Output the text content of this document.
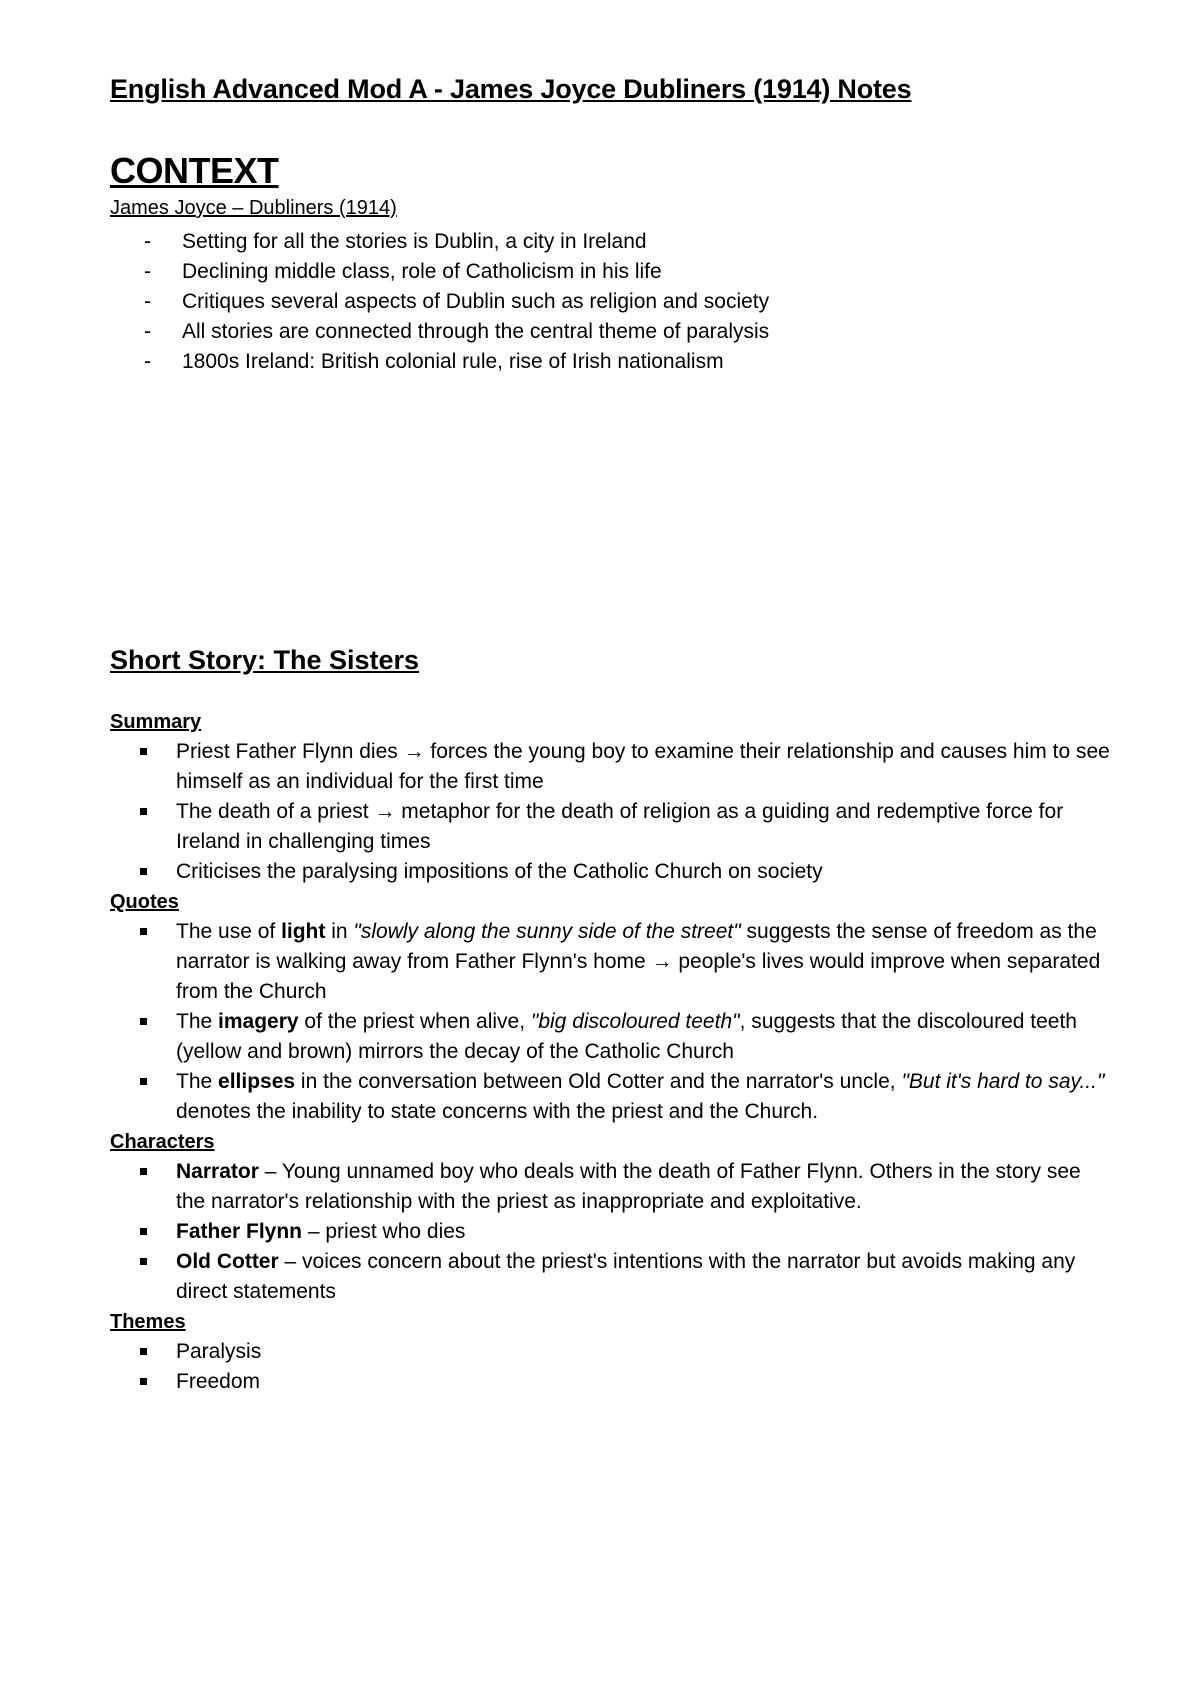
English Advanced Mod A - James Joyce Dubliners (1914) Notes
CONTEXT
James Joyce – Dubliners (1914)
- Setting for all the stories is Dublin, a city in Ireland
- Declining middle class, role of Catholicism in his life
- Critiques several aspects of Dublin such as religion and society
- All stories are connected through the central theme of paralysis
- 1800s Ireland: British colonial rule, rise of Irish nationalism
Short Story: The Sisters
Summary
Priest Father Flynn dies → forces the young boy to examine their relationship and causes him to see himself as an individual for the first time
The death of a priest → metaphor for the death of religion as a guiding and redemptive force for Ireland in challenging times
Criticises the paralysing impositions of the Catholic Church on society
Quotes
The use of light in "slowly along the sunny side of the street" suggests the sense of freedom as the narrator is walking away from Father Flynn's home → people's lives would improve when separated from the Church
The imagery of the priest when alive, "big discoloured teeth", suggests that the discoloured teeth (yellow and brown) mirrors the decay of the Catholic Church
The ellipses in the conversation between Old Cotter and the narrator's uncle, "But it's hard to say..." denotes the inability to state concerns with the priest and the Church.
Characters
Narrator – Young unnamed boy who deals with the death of Father Flynn. Others in the story see the narrator's relationship with the priest as inappropriate and exploitative.
Father Flynn – priest who dies
Old Cotter – voices concern about the priest's intentions with the narrator but avoids making any direct statements
Themes
Paralysis
Freedom
